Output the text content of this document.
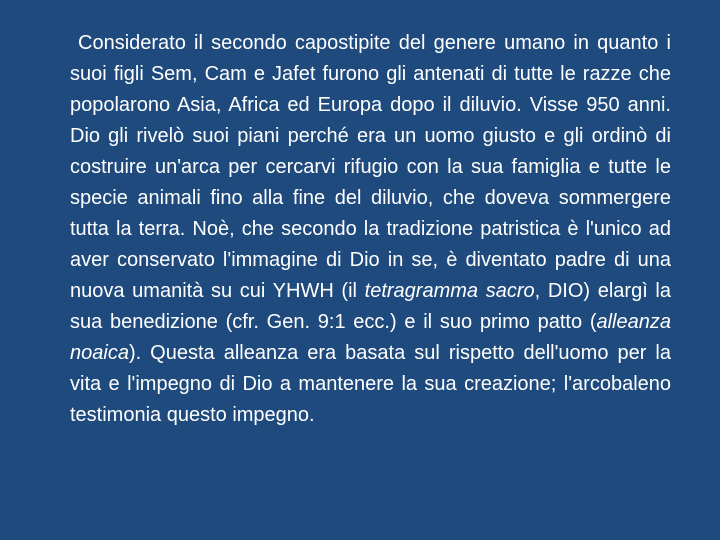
Considerato il secondo capostipite del genere umano in quanto i suoi figli Sem, Cam e Jafet furono gli antenati di tutte le razze che popolarono Asia, Africa ed Europa dopo il diluvio. Visse 950 anni. Dio gli rivelò suoi piani perché era un uomo giusto e gli ordinò di costruire un'arca per cercarvi rifugio con la sua famiglia e tutte le specie animali fino alla fine del diluvio, che doveva sommergere tutta la terra. Noè, che secondo la tradizione patristica è l'unico ad aver conservato l'immagine di Dio in se, è diventato padre di una nuova umanità su cui YHWH (il tetragramma sacro, DIO) elargì la sua benedizione (cfr. Gen. 9:1 ecc.) e il suo primo patto (alleanza noaica). Questa alleanza era basata sul rispetto dell'uomo per la vita e l'impegno di Dio a mantenere la sua creazione; l'arcobaleno testimonia questo impegno.
